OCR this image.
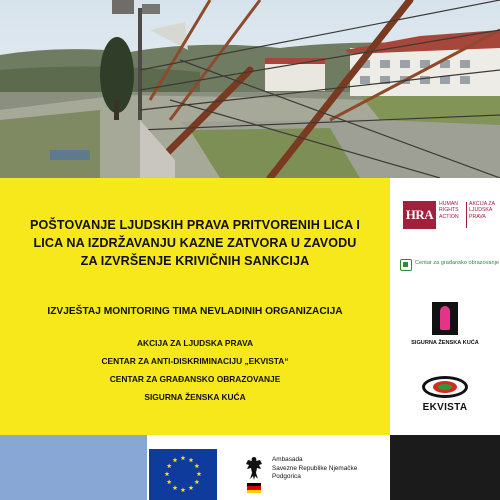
POŠTOVANJE LJUDSKIH PRAVA PRITVORENIH LICA I
LICA NA IZDRŽAVANJU KAZNE ZATVORA U ZAVODU
ZA IZVRŠENJE KRIVIČNIH SANKCIJA
IZVJEŠTAJ MONITORING TIMA NEVLADINIH ORGANIZACIJA
AKCIJA ZA LJUDSKA PRAVA
CENTAR ZA ANTI-DISKRIMINACIJU „EKVISTA“
CENTAR ZA GRAĐANSKO OBRAZOVANJE
SIGURNA ŽENSKA KUĆA
HRA
HUMAN
RIGHTS
ACTION
AKCIJA ZA
LJUDSKA
PRAVA
Centar za građansko obrazovanje
SIGURNA ŽENSKA KUĆA
EKVISTA
Ambasada
Savezne Republike Njemačke
Podgorica
